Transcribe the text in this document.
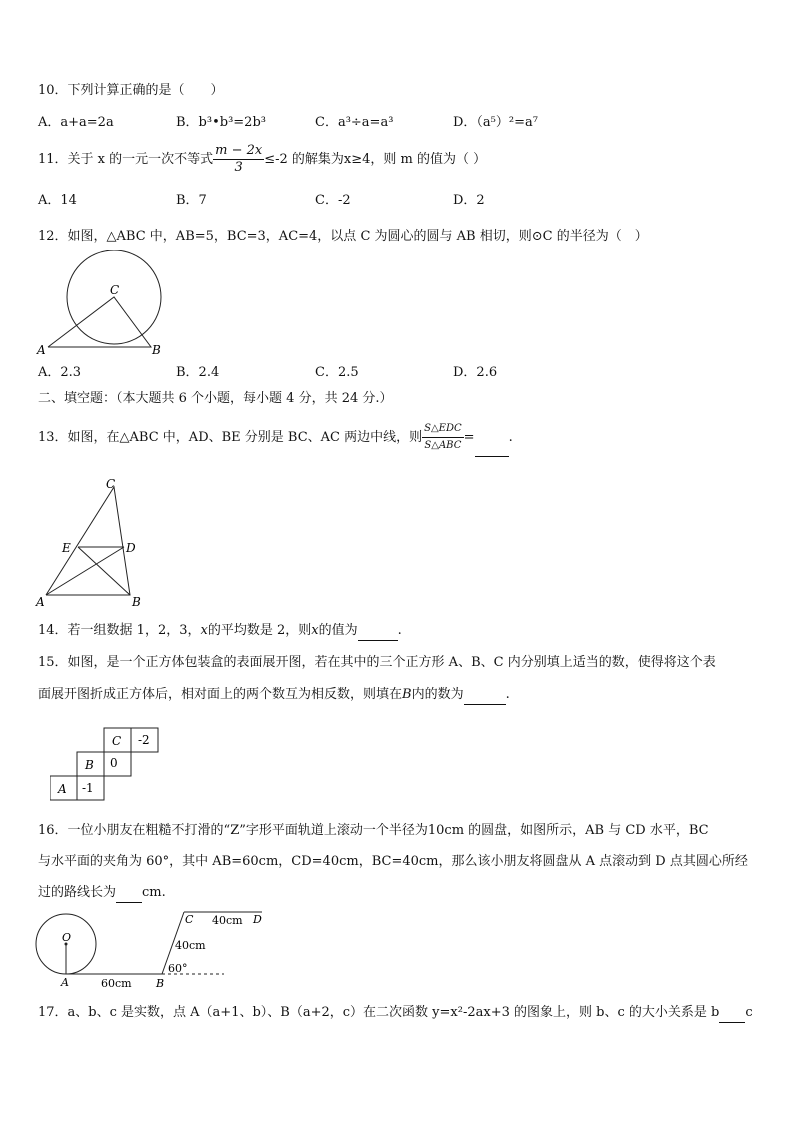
10．下列计算正确的是（　　）
A．a+a=2a	B．b³•b³=2b³	C．a³÷a=a³	D．（a⁵）²=a⁷
11．关于 x 的一元一次不等式 $\frac{m - 2x}{3} \le-2$ 的解集为x≥4，则 m 的值为（ ）
A．14	B．7	C．-2	D．2
12．如图，△ABC 中，AB=5，BC=3，AC=4，以点 C 为圆心的圆与 AB 相切，则⊙C 的半径为（　）
C
A	B
A．2.3	B．2.4	C．2.5	D．2.6
二、填空题：（本大题共 6 个小题，每小题 4 分，共 24 分.）
13．如图，在△ABC 中，AD、BE 分别是 BC、AC 两边中线，则 $\frac{\text{S△EDC}}{\text{S△ABC}}$ =	.
C
E	D
A	B
14．若一组数据 1，2，3，x的平均数是 2，则x的值为	.
15．如图，是一个正方体包装盒的表面展开图，若在其中的三个正方形 A、B、C 内分别填上适当的数，使得将这个表
面展开图折成正方体后，相对面上的两个数互为相反数，则填在B内的数为	.
C -2
B 0
A -1
16．一位小朋友在粗糙不打滑的“Z”字形平面轨道上滚动一个半径为10cm 的圆盘，如图所示，AB 与 CD 水平，BC
与水平面的夹角为 60°，其中 AB=60cm，CD=40cm，BC=40cm，那么该小朋友将圆盘从 A 点滚动到 D 点其圆心所经
过的路线长为 cm.
O
A	60cm B
60°
40cm
C 40cm D
17．a、b、c 是实数，点 A（a+1、b）、B（a+2，c）在二次函数 y=x²-2ax+3 的图象上，则 b、c 的大小关系是 b c
